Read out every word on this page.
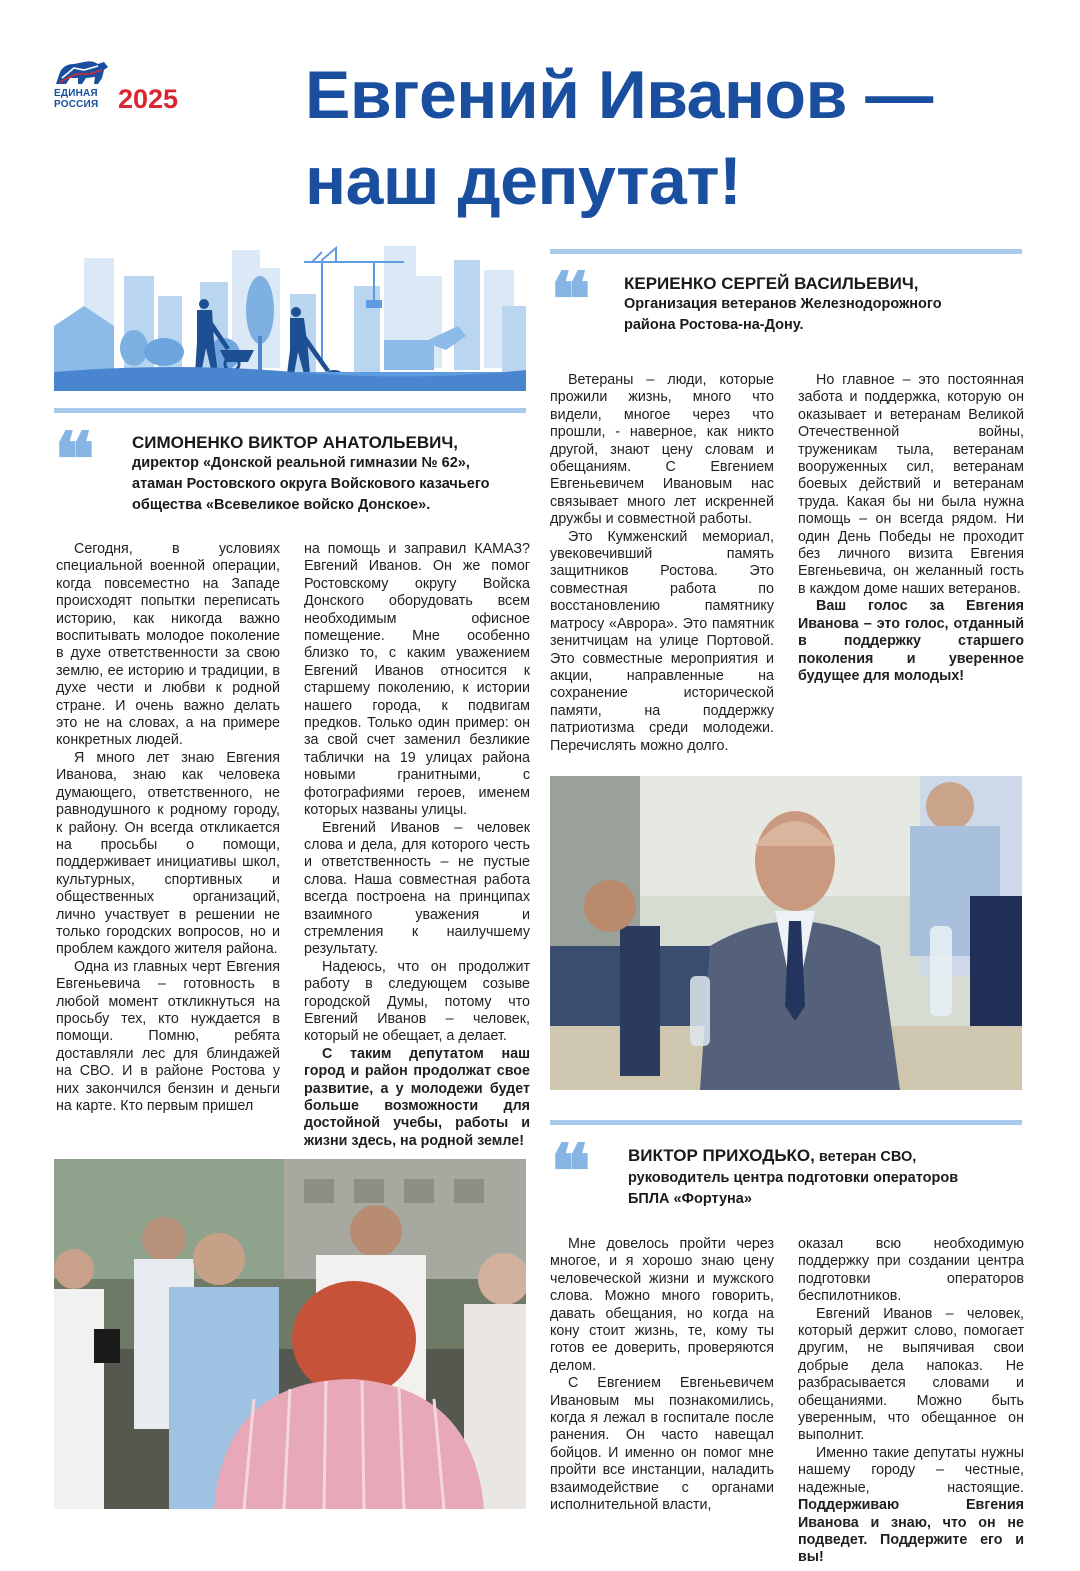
ЕДИНАЯ
РОССИЯ 2025 Евгений Иванов —
наш депутат!
❝ СИМОНЕНКО ВИКТОР АНАТОЛЬЕВИЧ,
директор «Донской реальной гимназии № 62»,
атаман Ростовского округа Войскового казачьего
общества «Всевеликое войско Донское».

Сегодня, в условиях специальной военной операции, когда повсеместно на Западе происходят попытки переписать историю, как никогда важно воспитывать молодое поколение в духе ответственности за свою землю, ее историю и традиции, в духе чести и любви к родной стране. И очень важно делать это не на словах, а на примере конкретных людей.

Я много лет знаю Евгения Иванова, знаю как человека думающего, ответственного, не равнодушного к родному городу, к району. Он всегда откликается на просьбы о помощи, поддерживает инициативы школ, культурных, спортивных и общественных организаций, лично участвует в решении не только городских вопросов, но и проблем каждого жителя района.

Одна из главных черт Евгения Евгеньевича – готовность в любой момент откликнуться на просьбу тех, кто нуждается в помощи. Помню, ребята доставляли лес для блиндажей на СВО. И в районе Ростова у них закончился бензин и деньги на карте. Кто первым пришел

на помощь и заправил КАМАЗ? Евгений Иванов. Он же помог Ростовскому округу Войска Донского оборудовать всем необходимым офисное помещение. Мне особенно близко то, с каким уважением Евгений Иванов относится к старшему поколению, к истории нашего города, к подвигам предков. Только один пример: он за свой счет заменил безликие таблички на 19 улицах района новыми гранитными, с фотографиями героев, именем которых названы улицы.

Евгений Иванов – человек слова и дела, для которого честь и ответственность – не пустые слова. Наша совместная работа всегда построена на принципах взаимного уважения и стремления к наилучшему результату.

Надеюсь, что он продолжит работу в следующем созыве городской Думы, потому что Евгений Иванов – человек, который не обещает, а делает.

С таким депутатом наш город и район продолжат свое развитие, а у молодежи будет больше возможности для достойной учебы, работы и жизни здесь, на родной земле!

❝ КЕРИЕНКО СЕРГЕЙ ВАСИЛЬЕВИЧ,
Организация ветеранов Железнодорожного
района Ростова-на-Дону.

Ветераны – люди, которые прожили жизнь, много что видели, многое через что прошли, - наверное, как никто другой, знают цену словам и обещаниям. С Евгением Евгеньевичем Ивановым нас связывает много лет искренней дружбы и совместной работы.

Это Кумженский мемориал, увековечивший память защитников Ростова. Это совместная работа по восстановлению памятнику матросу «Аврора». Это памятник зенитчицам на улице Портовой. Это совместные мероприятия и акции, направленные на сохранение исторической памяти, на поддержку патриотизма среди молодежи. Перечислять можно долго.

Но главное – это постоянная забота и поддержка, которую он оказывает и ветеранам Великой Отечественной войны, труженикам тыла, ветеранам вооруженных сил, ветеранам боевых действий и ветеранам труда. Какая бы ни была нужна помощь – он всегда рядом. Ни один День Победы не проходит без личного визита Евгения Евгеньевича, он желанный гость в каждом доме наших ветеранов.

Ваш голос за Евгения Иванова – это голос, отданный в поддержку старшего поколения и уверенное будущее для молодых!

❝ ВИКТОР ПРИХОДЬКО, ветеран СВО,
руководитель центра подготовки операторов
БПЛА «Фортуна»

Мне довелось пройти через многое, и я хорошо знаю цену человеческой жизни и мужского слова. Можно много говорить, давать обещания, но когда на кону стоит жизнь, те, кому ты готов ее доверить, проверяются делом.

С Евгением Евгеньевичем Ивановым мы познакомились, когда я лежал в госпитале после ранения. Он часто навещал бойцов. И именно он помог мне пройти все инстанции, наладить взаимодействие с органами исполнительной власти,

оказал всю необходимую поддержку при создании центра подготовки операторов беспилотников.

Евгений Иванов – человек, который держит слово, помогает другим, не выпячивая свои добрые дела напоказ. Не разбрасывается словами и обещаниями. Можно быть уверенным, что обещанное он выполнит.

Именно такие депутаты нужны нашему городу – честные, надежные, настоящие. Поддерживаю Евгения Иванова и знаю, что он не подведет. Поддержите его и вы!
